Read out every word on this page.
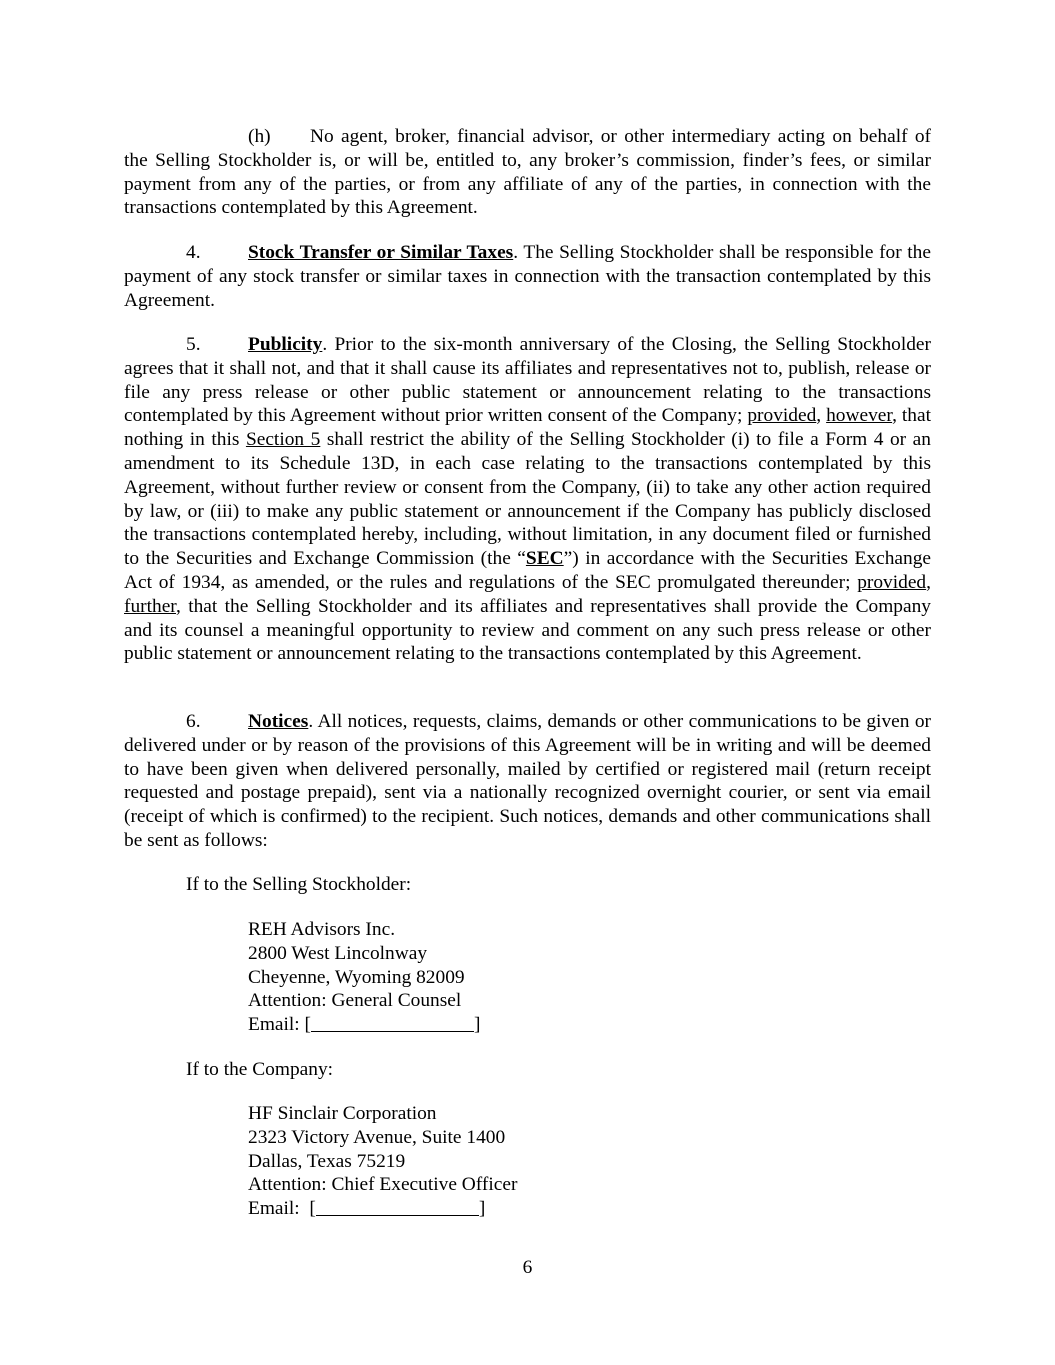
(h) No agent, broker, financial advisor, or other intermediary acting on behalf of the Selling Stockholder is, or will be, entitled to, any broker’s commission, finder’s fees, or similar payment from any of the parties, or from any affiliate of any of the parties, in connection with the transactions contemplated by this Agreement.
4. Stock Transfer or Similar Taxes. The Selling Stockholder shall be responsible for the payment of any stock transfer or similar taxes in connection with the transaction contemplated by this Agreement.
5. Publicity. Prior to the six-month anniversary of the Closing, the Selling Stockholder agrees that it shall not, and that it shall cause its affiliates and representatives not to, publish, release or file any press release or other public statement or announcement relating to the transactions contemplated by this Agreement without prior written consent of the Company; provided, however, that nothing in this Section 5 shall restrict the ability of the Selling Stockholder (i) to file a Form 4 or an amendment to its Schedule 13D, in each case relating to the transactions contemplated by this Agreement, without further review or consent from the Company, (ii) to take any other action required by law, or (iii) to make any public statement or announcement if the Company has publicly disclosed the transactions contemplated hereby, including, without limitation, in any document filed or furnished to the Securities and Exchange Commission (the “SEC”) in accordance with the Securities Exchange Act of 1934, as amended, or the rules and regulations of the SEC promulgated thereunder; provided, further, that the Selling Stockholder and its affiliates and representatives shall provide the Company and its counsel a meaningful opportunity to review and comment on any such press release or other public statement or announcement relating to the transactions contemplated by this Agreement.
6. Notices. All notices, requests, claims, demands or other communications to be given or delivered under or by reason of the provisions of this Agreement will be in writing and will be deemed to have been given when delivered personally, mailed by certified or registered mail (return receipt requested and postage prepaid), sent via a nationally recognized overnight courier, or sent via email (receipt of which is confirmed) to the recipient. Such notices, demands and other communications shall be sent as follows:
If to the Selling Stockholder:
REH Advisors Inc.
2800 West Lincolnway
Cheyenne, Wyoming 82009
Attention: General Counsel
Email: [	]
If to the Company:
HF Sinclair Corporation
2323 Victory Avenue, Suite 1400
Dallas, Texas 75219
Attention: Chief Executive Officer
Email:  [	]
6
